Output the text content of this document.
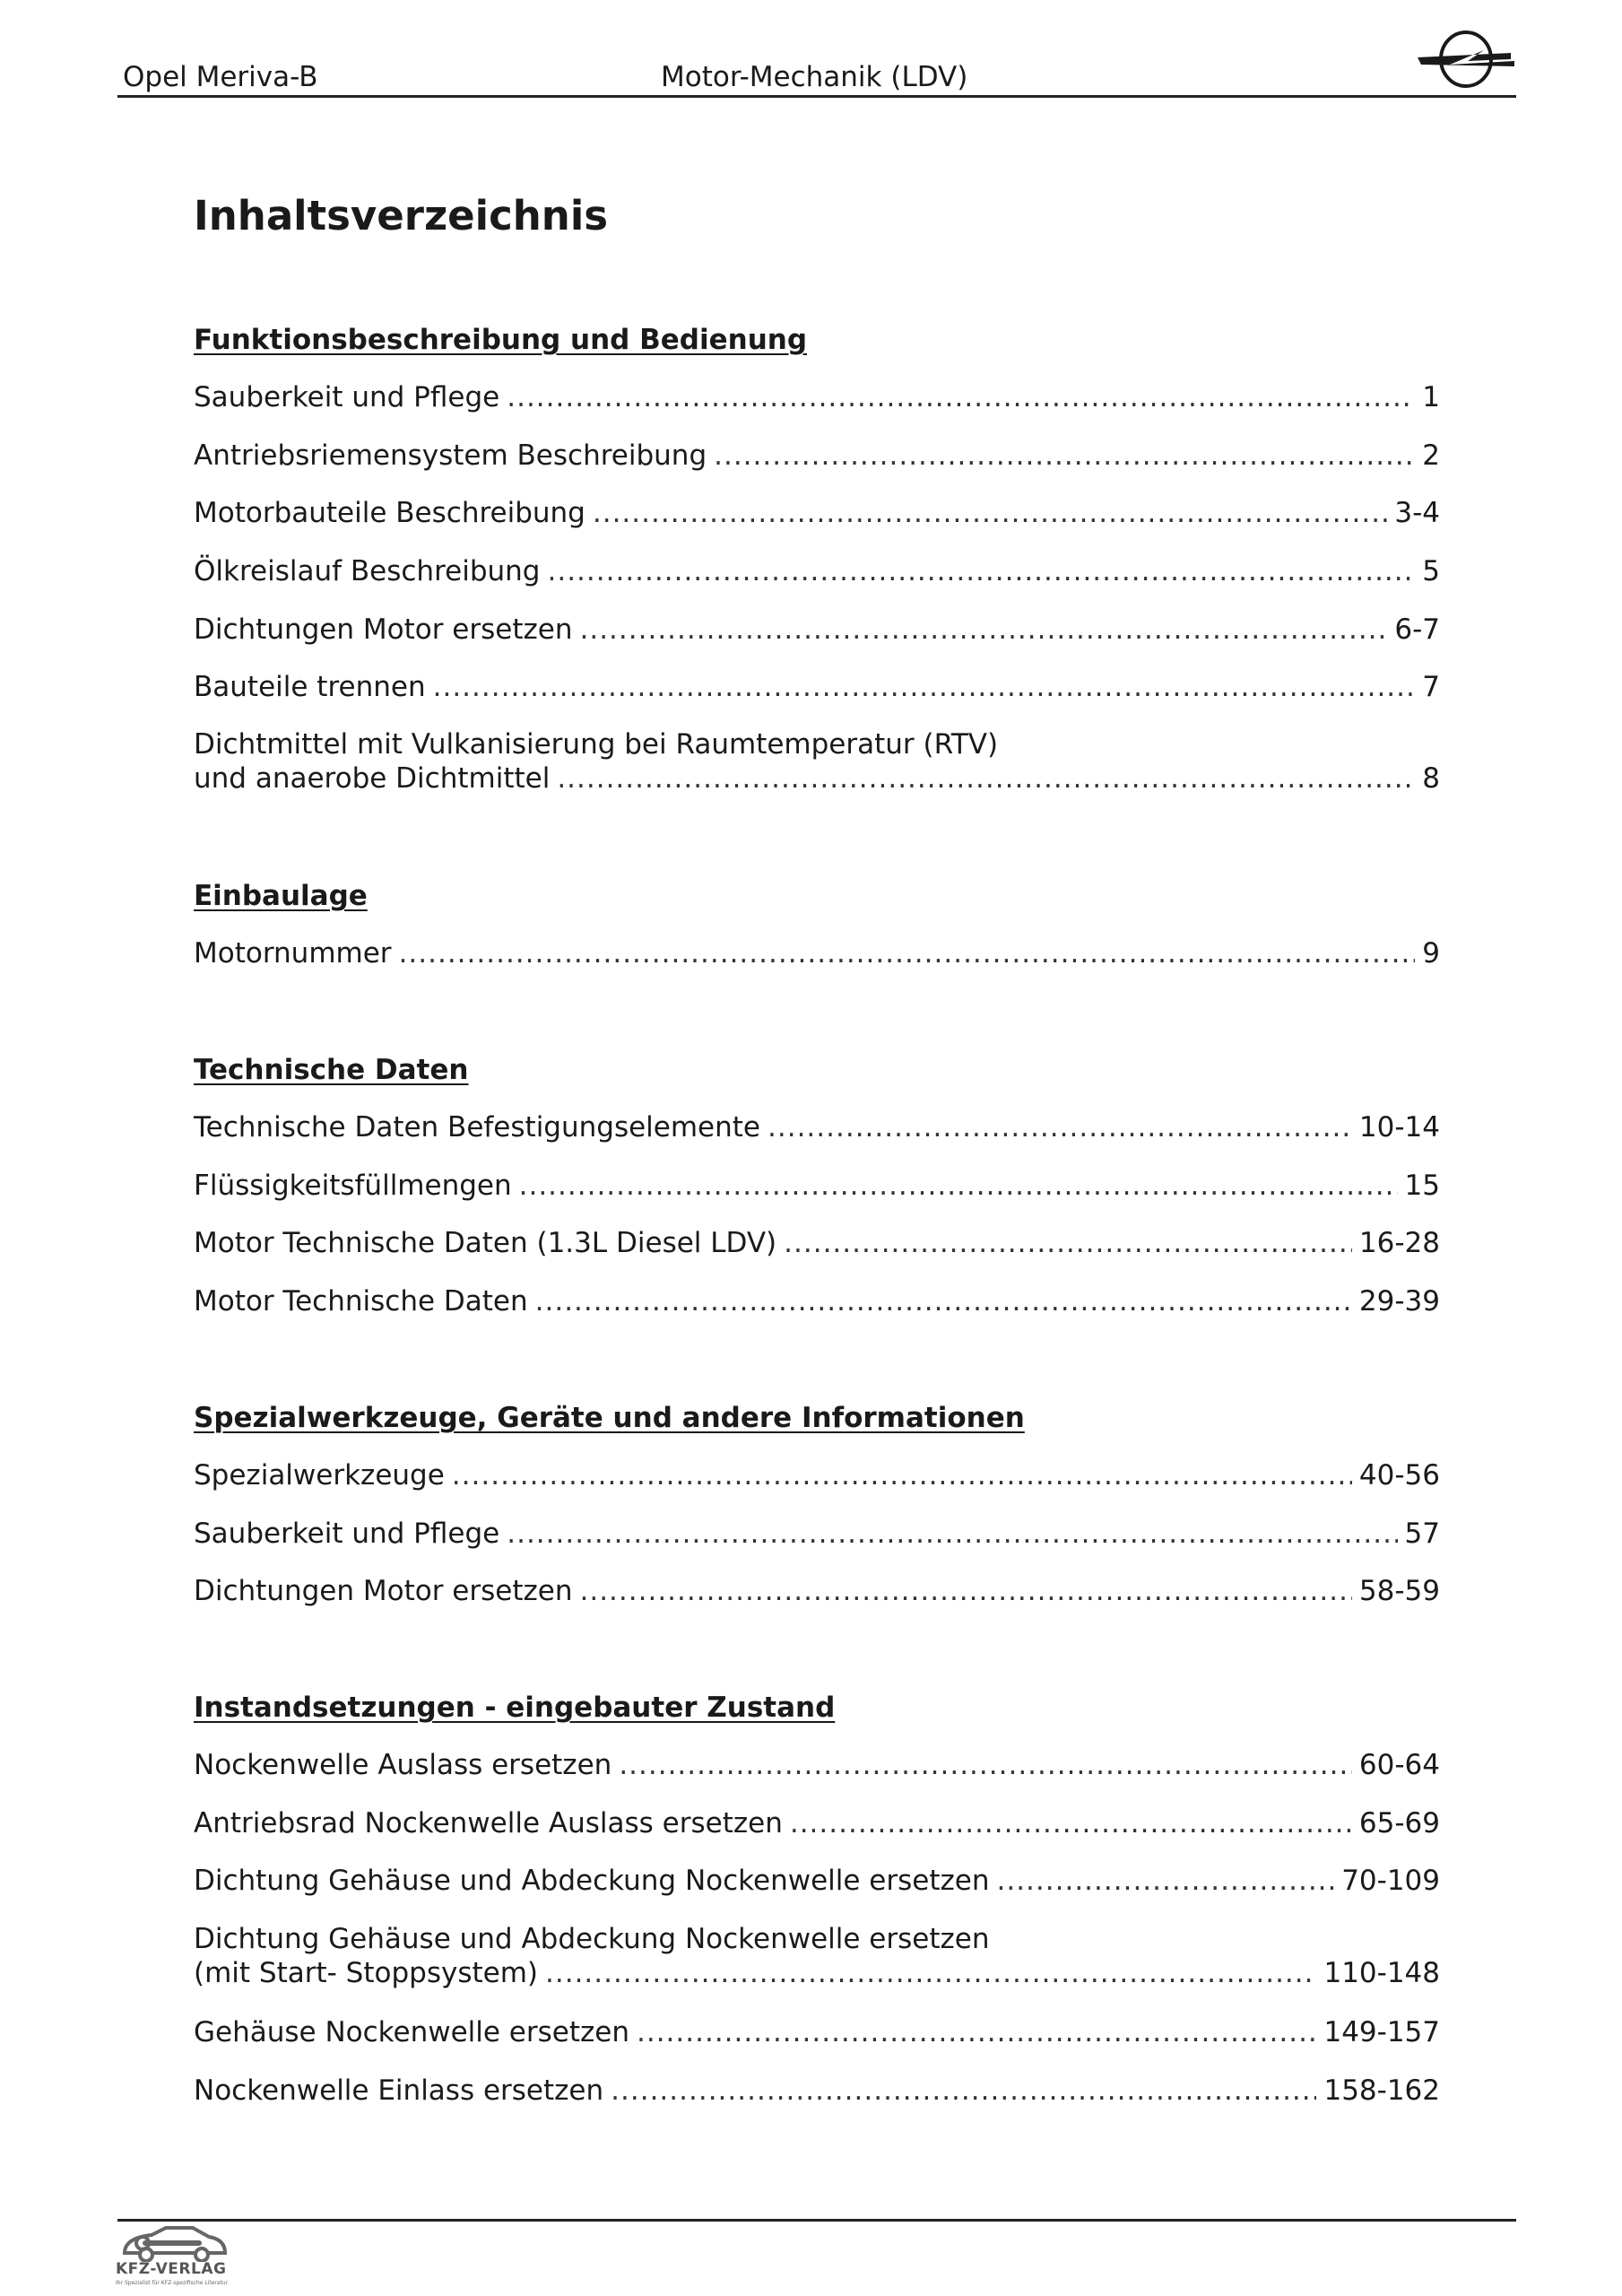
Opel Meriva-B	Motor-Mechanik (LDV)
Inhaltsverzeichnis
Funktionsbeschreibung und Bedienung
Sauberkeit und Pflege .....	1
Antriebsriemensystem Beschreibung .....	2
Motorbauteile Beschreibung .....	3-4
Ölkreislauf Beschreibung .....	5
Dichtungen Motor ersetzen .....	6-7
Bauteile trennen .....	7
Dichtmittel mit Vulkanisierung bei Raumtemperatur (RTV)
und anaerobe Dichtmittel .....	8
Einbaulage
Motornummer .....	9
Technische Daten
Technische Daten Befestigungselemente .....	10-14
Flüssigkeitsfüllmengen .....	15
Motor Technische Daten (1.3L Diesel LDV) .....	16-28
Motor Technische Daten .....	29-39
Spezialwerkzeuge, Geräte und andere Informationen
Spezialwerkzeuge .....	40-56
Sauberkeit und Pflege .....	57
Dichtungen Motor ersetzen .....	58-59
Instandsetzungen - eingebauter Zustand
Nockenwelle Auslass ersetzen .....	60-64
Antriebsrad Nockenwelle Auslass ersetzen .....	65-69
Dichtung Gehäuse und Abdeckung Nockenwelle ersetzen .....	70-109
Dichtung Gehäuse und Abdeckung Nockenwelle ersetzen
(mit Start- Stoppsystem) .....	110-148
Gehäuse Nockenwelle ersetzen .....	149-157
Nockenwelle Einlass ersetzen .....	158-162
KFZ-VERLAG
Ihr Spezialist für KFZ-spezifische Literatur
